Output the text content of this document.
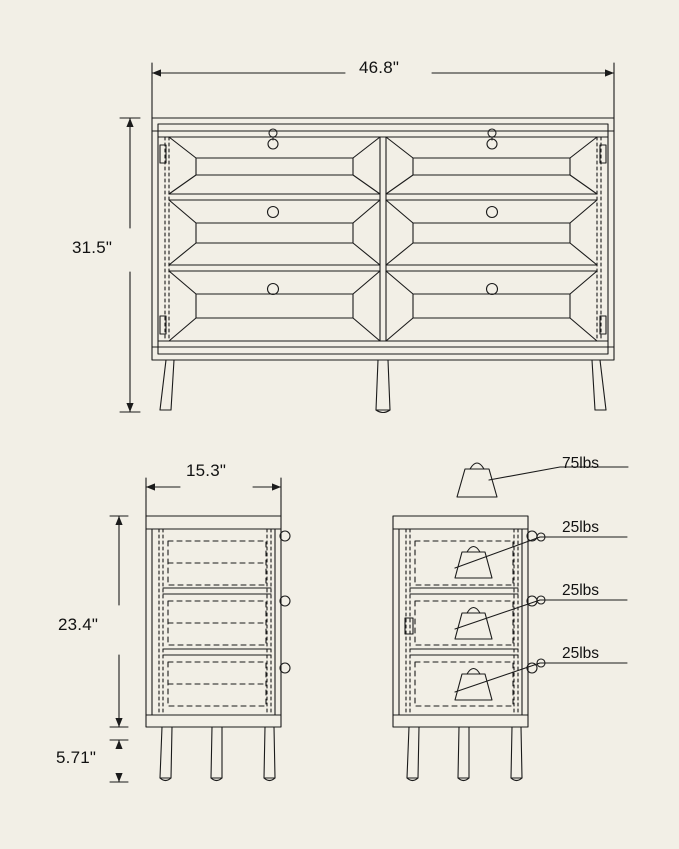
46.8"
31.5"
15.3"
23.4"
5.71"
75lbs
25lbs
25lbs
25lbs
